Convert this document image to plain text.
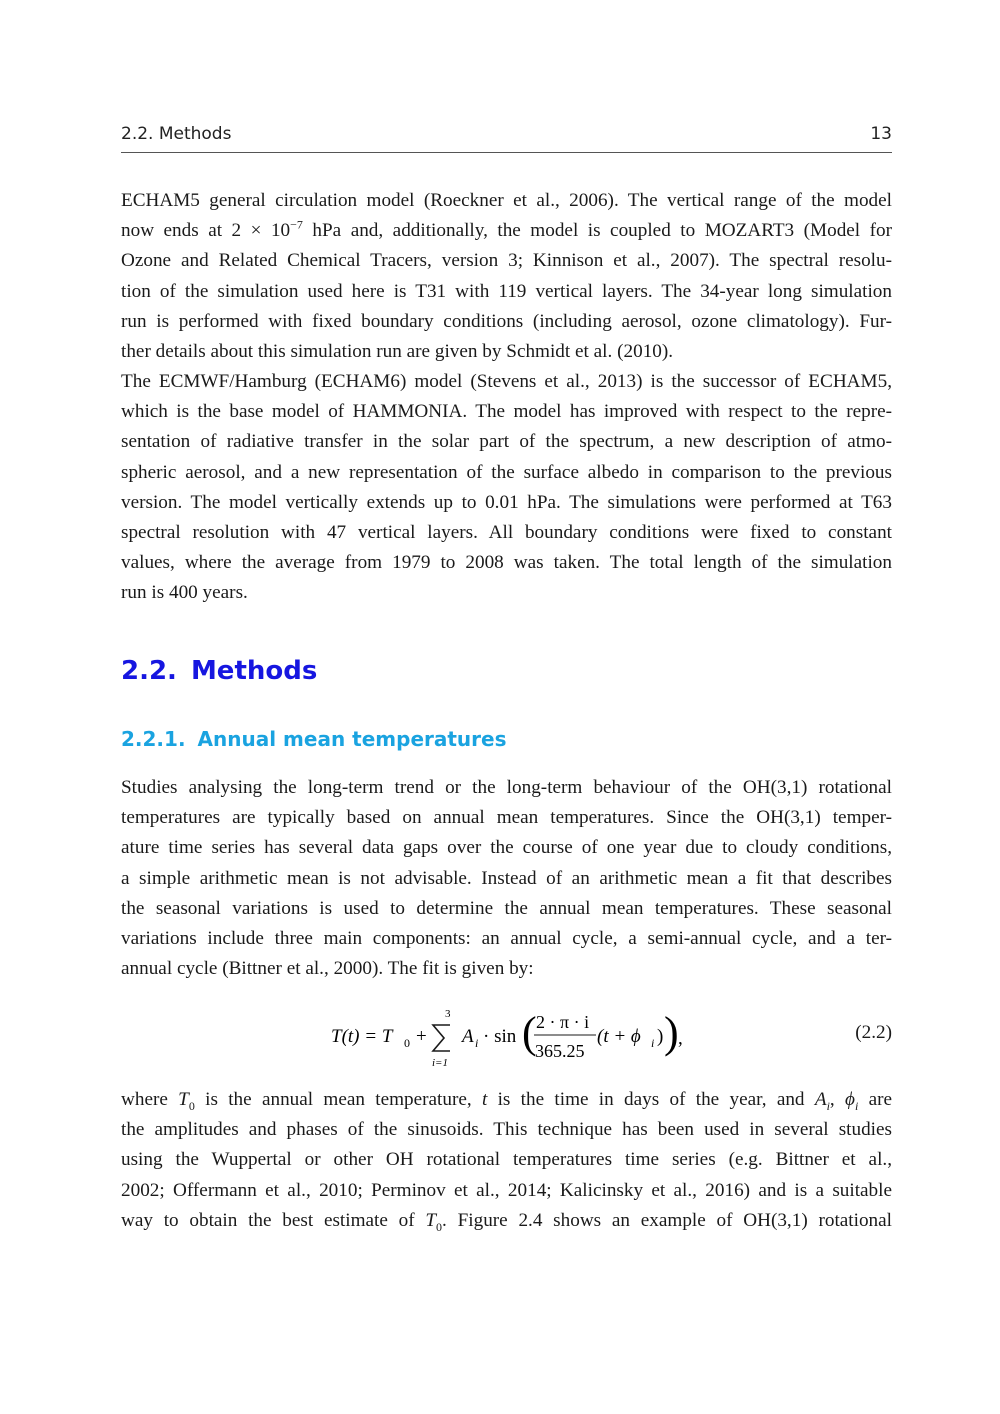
2.2. Methods	13
ECHAM5 general circulation model (Roeckner et al., 2006). The vertical range of the model
now ends at $2 \times 10^{-7}$ hPa and, additionally, the model is coupled to MOZART3 (Model for
Ozone and Related Chemical Tracers, version 3; Kinnison et al., 2007). The spectral resolu-
tion of the simulation used here is T31 with 119 vertical layers. The 34-year long simulation
run is performed with fixed boundary conditions (including aerosol, ozone climatology). Fur-
ther details about this simulation run are given by Schmidt et al. (2010).
The ECMWF/Hamburg (ECHAM6) model (Stevens et al., 2013) is the successor of ECHAM5,
which is the base model of HAMMONIA. The model has improved with respect to the repre-
sentation of radiative transfer in the solar part of the spectrum, a new description of atmo-
spheric aerosol, and a new representation of the surface albedo in comparison to the previous
version. The model vertically extends up to 0.01 hPa. The simulations were performed at T63
spectral resolution with 47 vertical layers. All boundary conditions were fixed to constant
values, where the average from 1979 to 2008 was taken. The total length of the simulation
run is 400 years.
2.2. Methods
2.2.1. Annual mean temperatures
Studies analysing the long-term trend or the long-term behaviour of the OH(3,1) rotational
temperatures are typically based on annual mean temperatures. Since the OH(3,1) temper-
ature time series has several data gaps over the course of one year due to cloudy conditions,
a simple arithmetic mean is not advisable. Instead of an arithmetic mean a fit that describes
the seasonal variations is used to determine the annual mean temperatures. These seasonal
variations include three main components: an annual cycle, a semi-annual cycle, and a ter-
annual cycle (Bittner et al., 2000). The fit is given by:
T(t) = T 0 +
3
i=1
A i · sin ( 2 · π · i
365.25
(t + ϕ i ) ) ,	(2.2)
where $T_0$ is the annual mean temperature, t is the time in days of the year, and $A_i$, $\phi_i$ are
the amplitudes and phases of the sinusoids. This technique has been used in several studies
using the Wuppertal or other OH rotational temperatures time series (e.g. Bittner et al.,
2002; Offermann et al., 2010; Perminov et al., 2014; Kalicinsky et al., 2016) and is a suitable
way to obtain the best estimate of $T_0$. Figure 2.4 shows an example of OH(3,1) rotational
